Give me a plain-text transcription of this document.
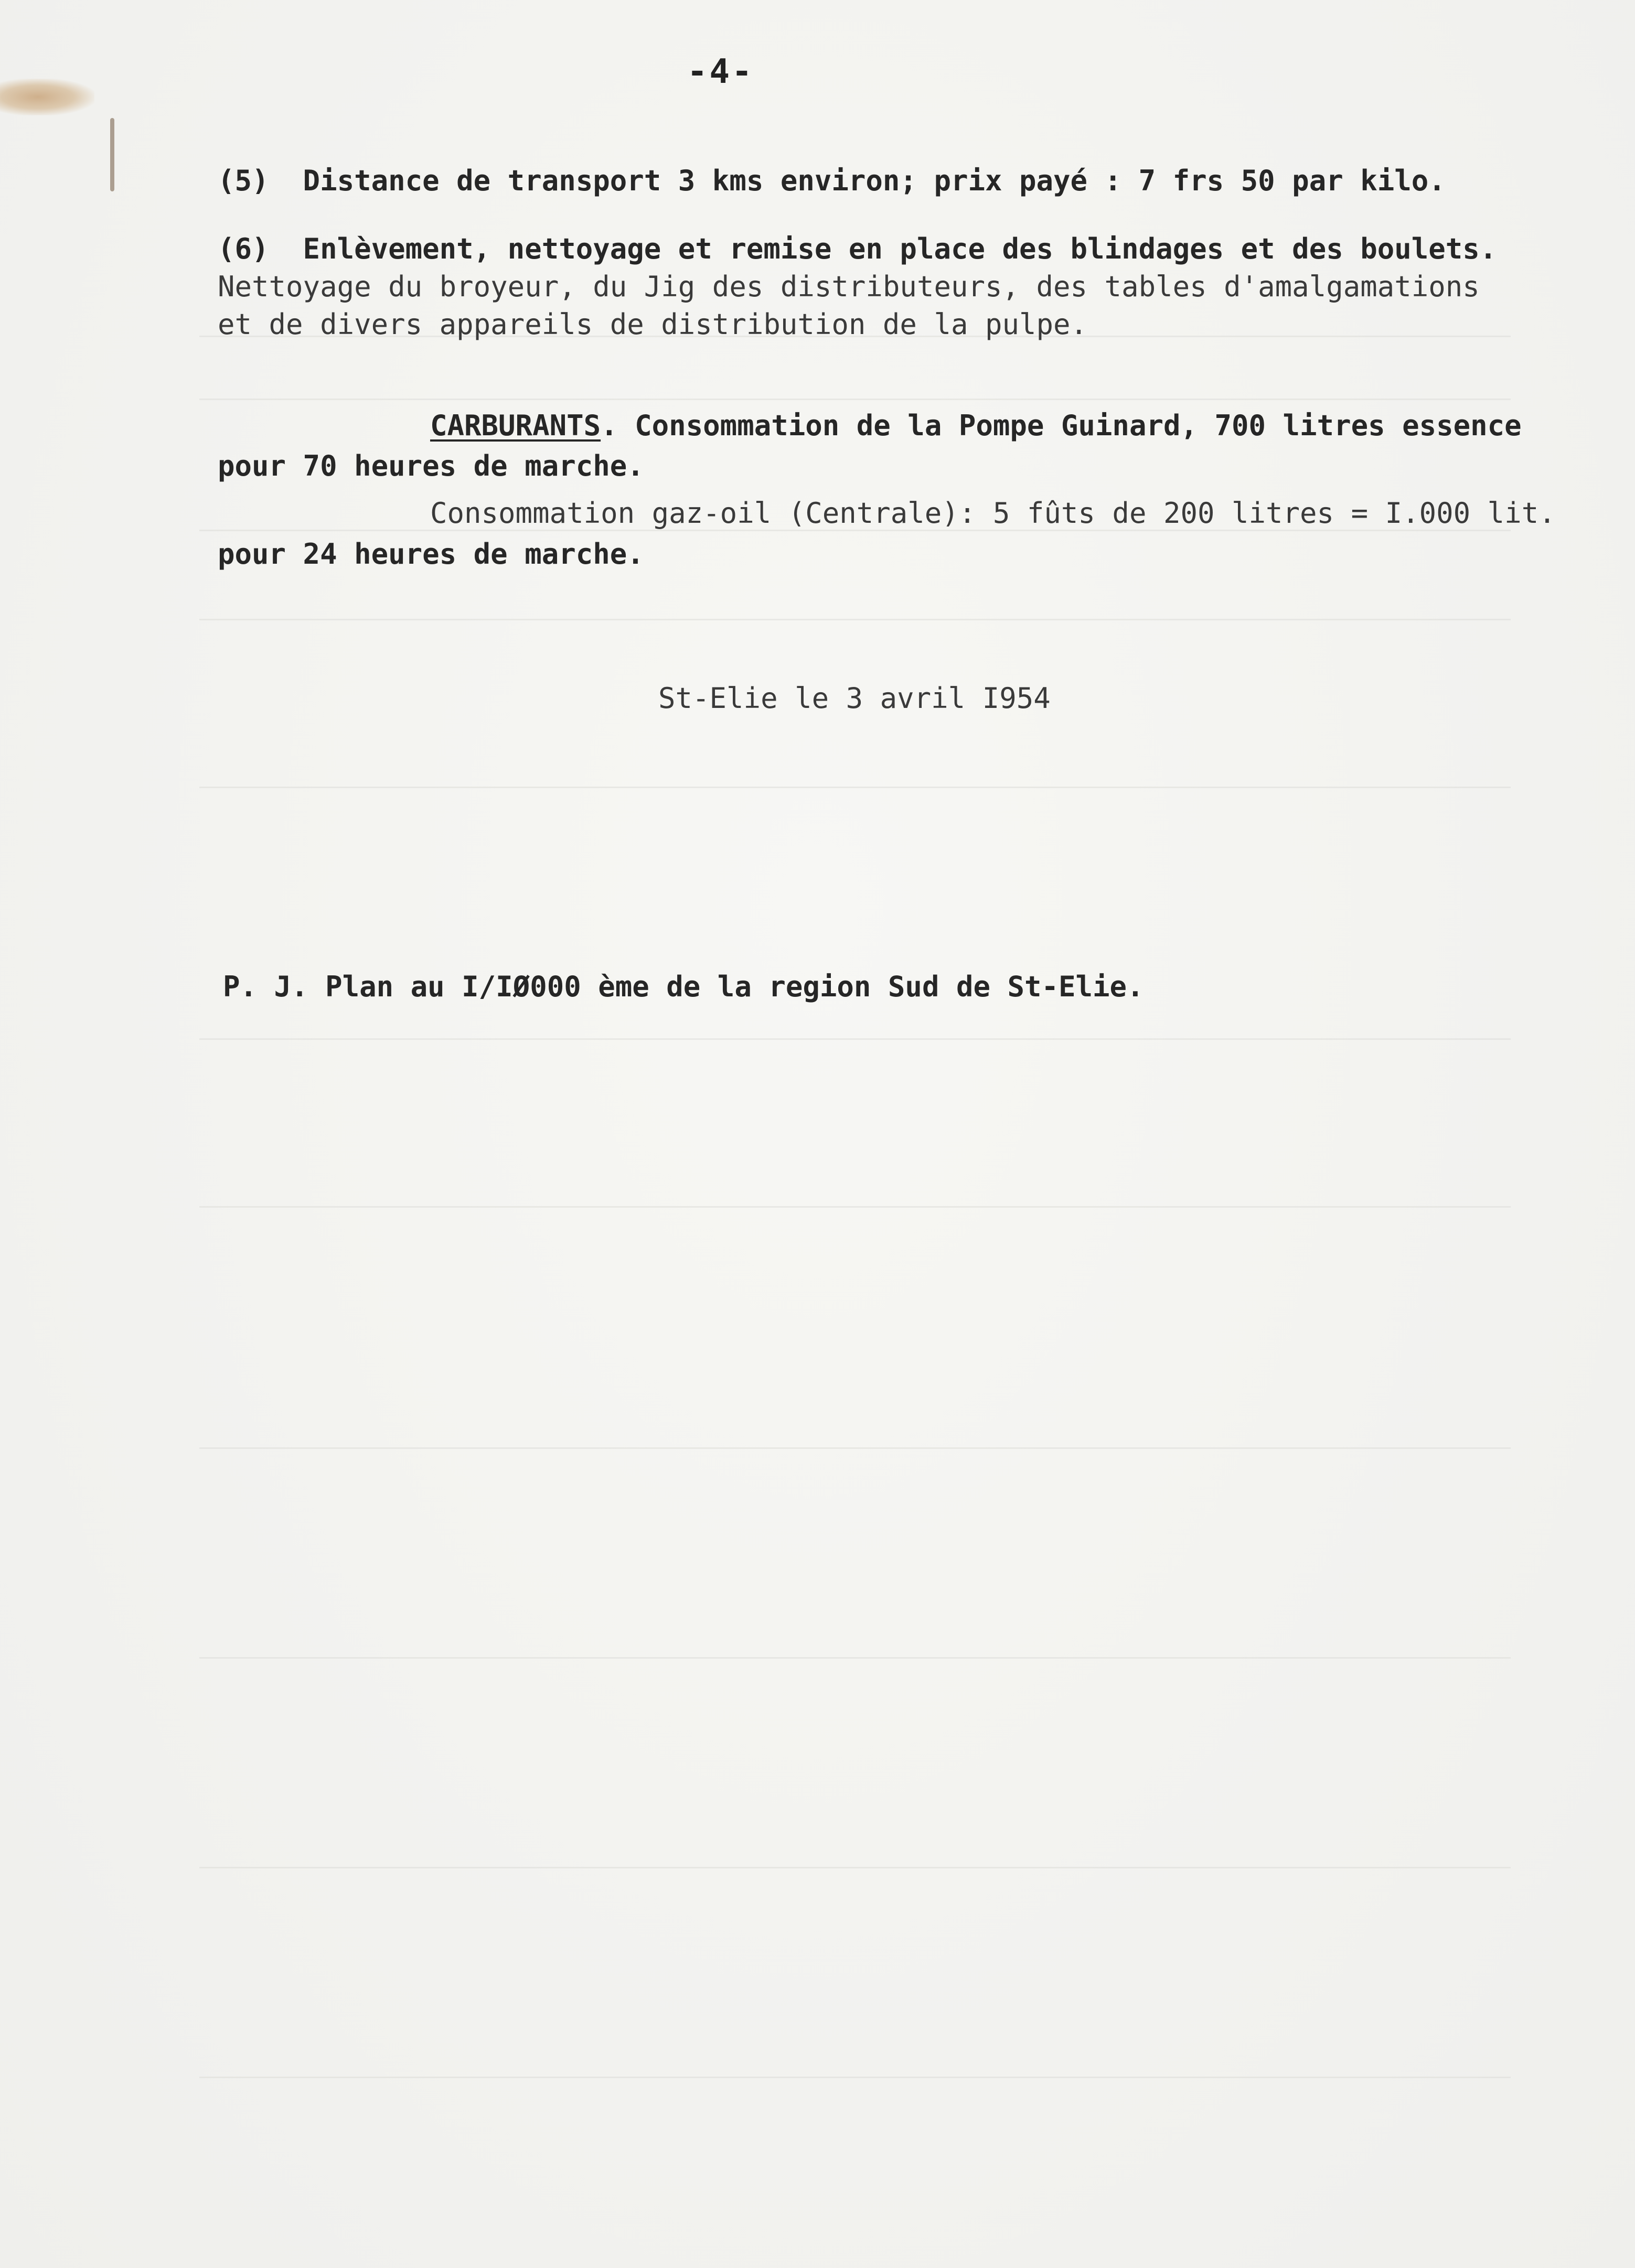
-4-
(5)  Distance de transport 3 kms environ; prix payé : 7 frs 50 par kilo.
(6)  Enlèvement, nettoyage et remise en place des blindages et des boulets.
Nettoyage du broyeur, du Jig des distributeurs, des tables d'amalgamations
et de divers appareils de distribution de la pulpe.
CARBURANTS. Consommation de la Pompe Guinard, 700 litres essence
pour 70 heures de marche.
Consommation gaz-oil (Centrale): 5 fûts de 200 litres = I.000 lit.
pour 24 heures de marche.
St-Elie le 3 avril I954
P. J. Plan au I/IØ000 ème de la region Sud de St-Elie.
